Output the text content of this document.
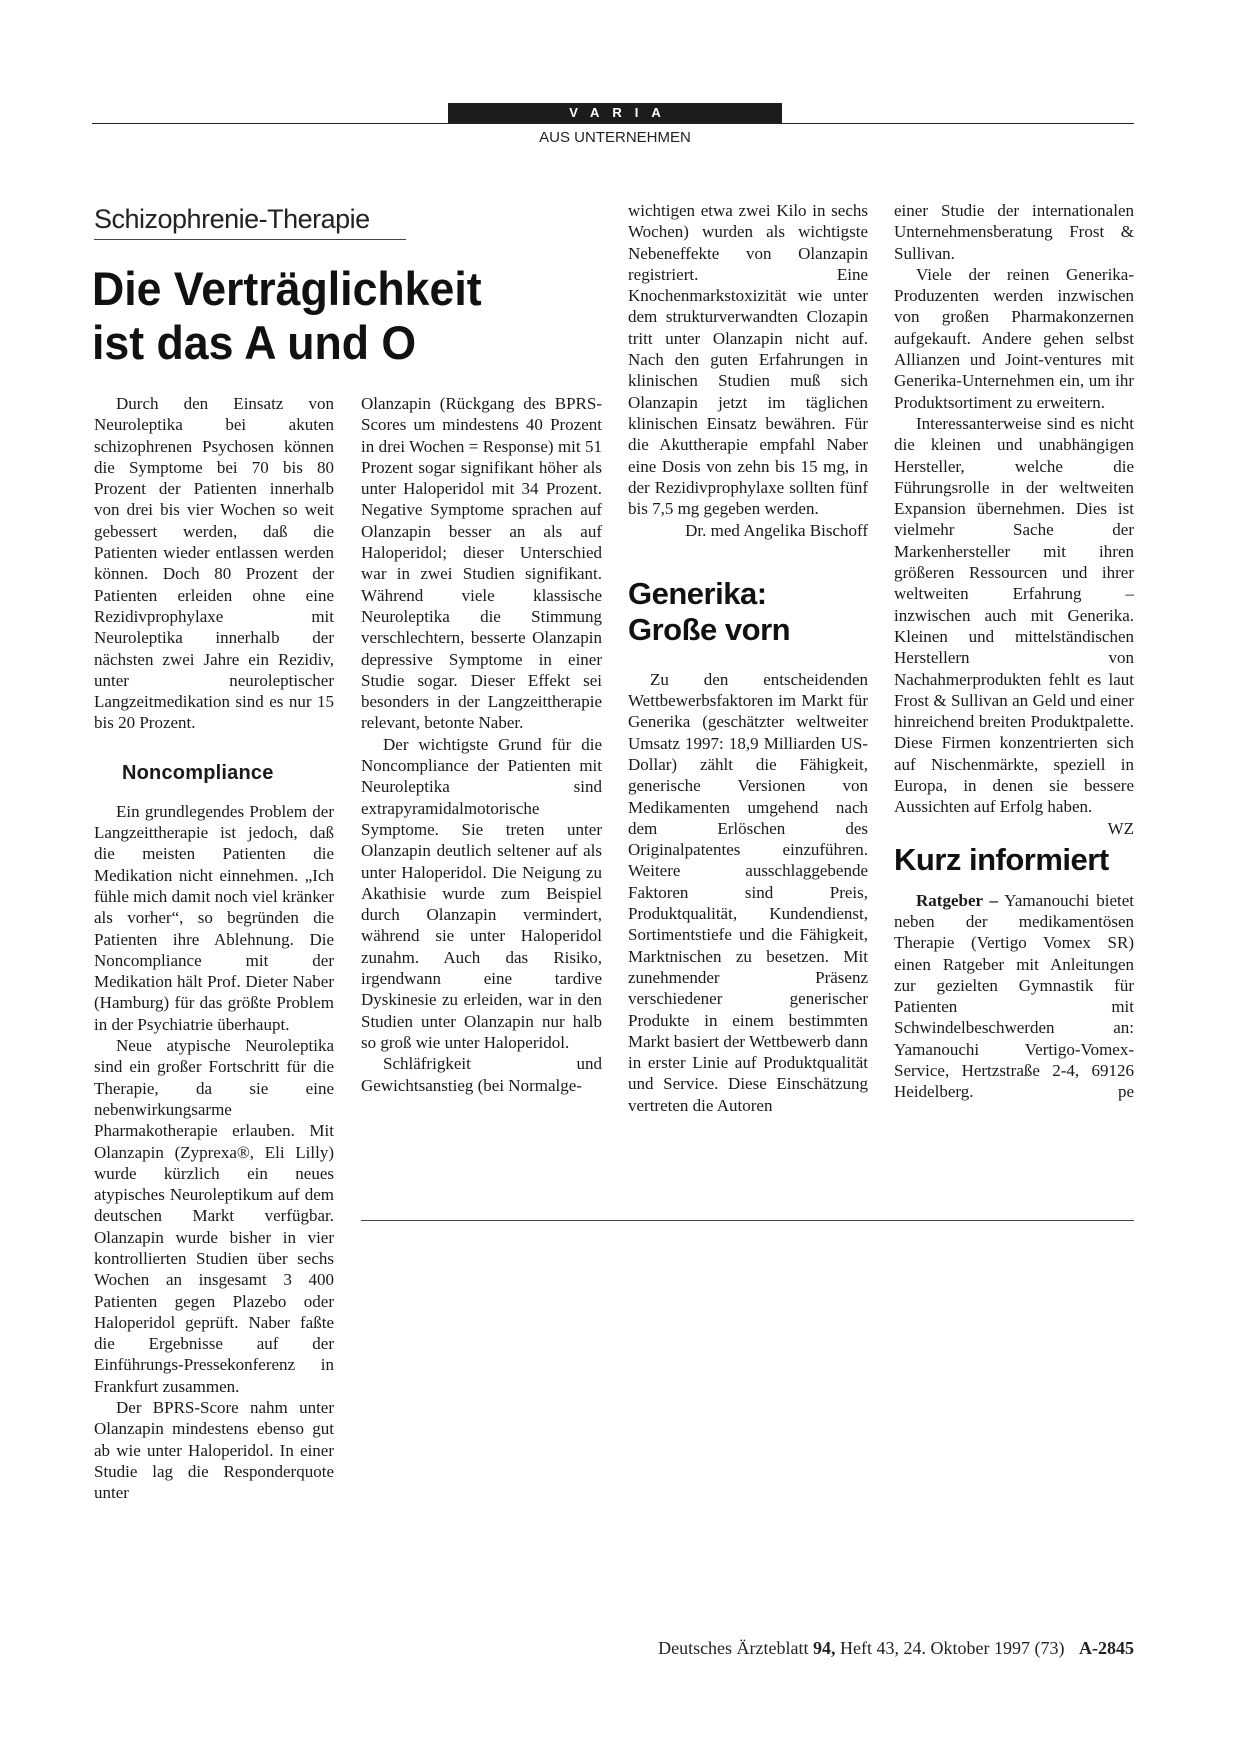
VARIA
AUS UNTERNEHMEN
Schizophrenie-Therapie
Die Verträglichkeit
ist das A und O

Durch den Einsatz von Neuroleptika bei akuten schizophrenen Psychosen können die Symptome bei 70 bis 80 Prozent der Patienten innerhalb von drei bis vier Wochen so weit gebessert werden, daß die Patienten wieder entlassen werden können. Doch 80 Prozent der Patienten erleiden ohne eine Rezidivprophylaxe mit Neuroleptika innerhalb der nächsten zwei Jahre ein Rezidiv, unter neuroleptischer Langzeitmedikation sind es nur 15 bis 20 Prozent.

Noncompliance

Ein grundlegendes Problem der Langzeittherapie ist jedoch, daß die meisten Patienten die Medikation nicht einnehmen. „Ich fühle mich damit noch viel kränker als vorher“, so begründen die Patienten ihre Ablehnung. Die Noncompliance mit der Medikation hält Prof. Dieter Naber (Hamburg) für das größte Problem in der Psychiatrie überhaupt.

Neue atypische Neuroleptika sind ein großer Fortschritt für die Therapie, da sie eine nebenwirkungsarme Pharmakotherapie erlauben. Mit Olanzapin (Zyprexa®, Eli Lilly) wurde kürzlich ein neues atypisches Neuroleptikum auf dem deutschen Markt verfügbar. Olanzapin wurde bisher in vier kontrollierten Studien über sechs Wochen an insgesamt 3 400 Patienten gegen Plazebo oder Haloperidol geprüft. Naber faßte die Ergebnisse auf der Einführungs-Pressekonferenz in Frankfurt zusammen.

Der BPRS-Score nahm unter Olanzapin mindestens ebenso gut ab wie unter Haloperidol. In einer Studie lag die Responderquote unter

Olanzapin (Rückgang des BPRS-Scores um mindestens 40 Prozent in drei Wochen = Response) mit 51 Prozent sogar signifikant höher als unter Haloperidol mit 34 Prozent. Negative Symptome sprachen auf Olanzapin besser an als auf Haloperidol; dieser Unterschied war in zwei Studien signifikant. Während viele klassische Neuroleptika die Stimmung verschlechtern, besserte Olanzapin depressive Symptome in einer Studie sogar. Dieser Effekt sei besonders in der Langzeittherapie relevant, betonte Naber.

Der wichtigste Grund für die Noncompliance der Patienten mit Neuroleptika sind extrapyramidalmotorische Symptome. Sie treten unter Olanzapin deutlich seltener auf als unter Haloperidol. Die Neigung zu Akathisie wurde zum Beispiel durch Olanzapin vermindert, während sie unter Haloperidol zunahm. Auch das Risiko, irgendwann eine tardive Dyskinesie zu erleiden, war in den Studien unter Olanzapin nur halb so groß wie unter Haloperidol.

Schläfrigkeit und Gewichtsanstieg (bei Normalge-

wichtigen etwa zwei Kilo in sechs Wochen) wurden als wichtigste Nebeneffekte von Olanzapin registriert. Eine Knochenmarkstoxizität wie unter dem strukturverwandten Clozapin tritt unter Olanzapin nicht auf. Nach den guten Erfahrungen in klinischen Studien muß sich Olanzapin jetzt im täglichen klinischen Einsatz bewähren. Für die Akuttherapie empfahl Naber eine Dosis von zehn bis 15 mg, in der Rezidivprophylaxe sollten fünf bis 7,5 mg gegeben werden.

Dr. med Angelika Bischoff

Generika:
Große vorn

Zu den entscheidenden Wettbewerbsfaktoren im Markt für Generika (geschätzter weltweiter Umsatz 1997: 18,9 Milliarden US-Dollar) zählt die Fähigkeit, generische Versionen von Medikamenten umgehend nach dem Erlöschen des Originalpatentes einzuführen. Weitere ausschlaggebende Faktoren sind Preis, Produktqualität, Kundendienst, Sortimentstiefe und die Fähigkeit, Marktnischen zu besetzen. Mit zunehmender Präsenz verschiedener generischer Produkte in einem bestimmten Markt basiert der Wettbewerb dann in erster Linie auf Produktqualität und Service. Diese Einschätzung vertreten die Autoren

einer Studie der internationalen Unternehmensberatung Frost & Sullivan.

Viele der reinen Generika-Produzenten werden inzwischen von großen Pharmakonzernen aufgekauft. Andere gehen selbst Allianzen und Joint-ventures mit Generika-Unternehmen ein, um ihr Produktsortiment zu erweitern.

Interessanterweise sind es nicht die kleinen und unabhängigen Hersteller, welche die Führungsrolle in der weltweiten Expansion übernehmen. Dies ist vielmehr Sache der Markenhersteller mit ihren größeren Ressourcen und ihrer weltweiten Erfahrung – inzwischen auch mit Generika. Kleinen und mittelständischen Herstellern von Nachahmerprodukten fehlt es laut Frost & Sullivan an Geld und einer hinreichend breiten Produktpalette. Diese Firmen konzentrierten sich auf Nischenmärkte, speziell in Europa, in denen sie bessere Aussichten auf Erfolg haben.
WZ

Kurz informiert

Ratgeber – Yamanouchi bietet neben der medikamentösen Therapie (Vertigo Vomex SR) einen Ratgeber mit Anleitungen zur gezielten Gymnastik für Patienten mit Schwindelbeschwerden an: Yamanouchi Vertigo-Vomex-Service, Hertzstraße 2-4, 69126 Heidelberg.	pe

Deutsches Ärzteblatt 94, Heft 43, 24. Oktober 1997 (73) A-2845
